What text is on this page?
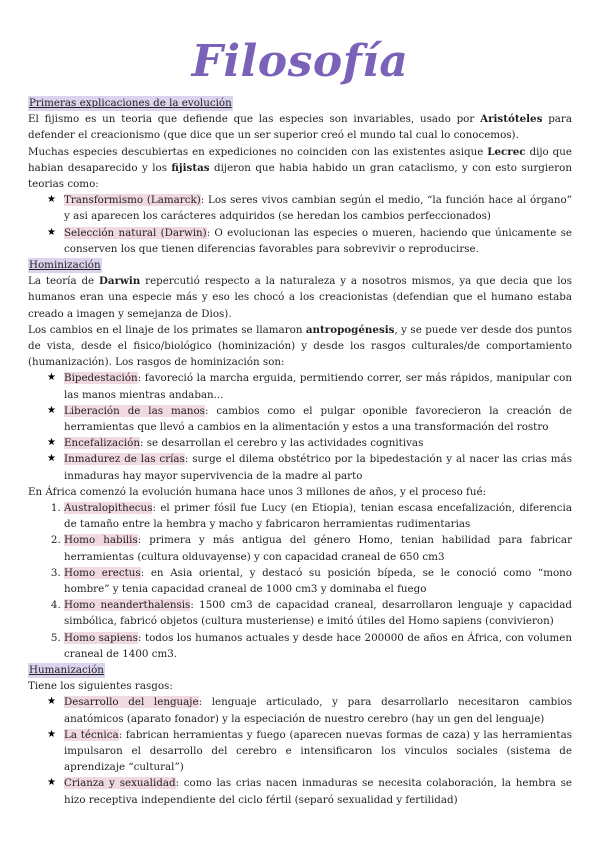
Filosofía
Primeras explicaciones de la evolución

El fijismo es un teoria que defiende que las especies son invariables, usado por Aristóteles para defender el creacionismo (que dice que un ser superior creó el mundo tal cual lo conocemos).

Muchas especies descubiertas en expediciones no coinciden con las existentes asique Lecrec dijo que habian desaparecido y los fijistas dijeron que habia habido un gran cataclismo, y con esto surgieron teorias como:

★ Transformismo (Lamarck): Los seres vivos cambian según el medio, “la función hace al órgano” y asi aparecen los carácteres adquiridos (se heredan los cambios perfeccionados)
★ Selección natural (Darwin): O evolucionan las especies o mueren, haciendo que únicamente se conserven los que tienen diferencias favorables para sobrevivir o reproducirse.
Hominización

La teoría de Darwin repercutió respecto a la naturaleza y a nosotros mismos, ya que decia que los humanos eran una especie más y eso les chocó a los creacionistas (defendian que el humano estaba creado a imagen y semejanza de Dios).

Los cambios en el linaje de los primates se llamaron antropogénesis, y se puede ver desde dos puntos de vista, desde el fisico/biológico (hominización) y desde los rasgos culturales/de comportamiento (humanización). Los rasgos de hominización son:

★ Bipedestación: favoreció la marcha erguida, permitiendo correr, ser más rápidos, manipular con las manos mientras andaban...
★ Liberación de las manos: cambios como el pulgar oponible favorecieron la creación de herramientas que llevó a cambios en la alimentación y estos a una transformación del rostro
★ Encefalización: se desarrollan el cerebro y las actividades cognitivas
★ Inmadurez de las crías: surge el dilema obstétrico por la bipedestación y al nacer las crias más inmaduras hay mayor supervivencia de la madre al parto

En África comenzó la evolución humana hace unos 3 millones de años, y el proceso fué:

1. Australopithecus: el primer fósil fue Lucy (en Etiopia), tenian escasa encefalización, diferencia de tamaño entre la hembra y macho y fabricaron herramientas rudimentarias
2. Homo habilis: primera y más antigua del género Homo, tenian habilidad para fabricar herramientas (cultura olduvayense) y con capacidad craneal de 650 cm3
3. Homo erectus: en Asia oriental, y destacó su posición bípeda, se le conoció como “mono hombre” y tenia capacidad craneal de 1000 cm3 y dominaba el fuego
4. Homo neanderthalensis: 1500 cm3 de capacidad craneal, desarrollaron lenguaje y capacidad simbólica, fabricó objetos (cultura musteriense) e imitó útiles del Homo sapiens (convivieron)
5. Homo sapiens: todos los humanos actuales y desde hace 200000 de años en África, con volumen craneal de 1400 cm3.
Humanización

Tiene los siguientes rasgos:

★ Desarrollo del lenguaje: lenguaje articulado, y para desarrollarlo necesitaron cambios anatómicos (aparato fonador) y la especiación de nuestro cerebro (hay un gen del lenguaje)
★ La técnica: fabrican herramientas y fuego (aparecen nuevas formas de caza) y las herramientas impulsaron el desarrollo del cerebro e intensificaron los vinculos sociales (sistema de aprendizaje “cultural”)
★ Crianza y sexualidad: como las crias nacen inmaduras se necesita colaboración, la hembra se hizo receptiva independiente del ciclo fértil (separó sexualidad y fertilidad)
